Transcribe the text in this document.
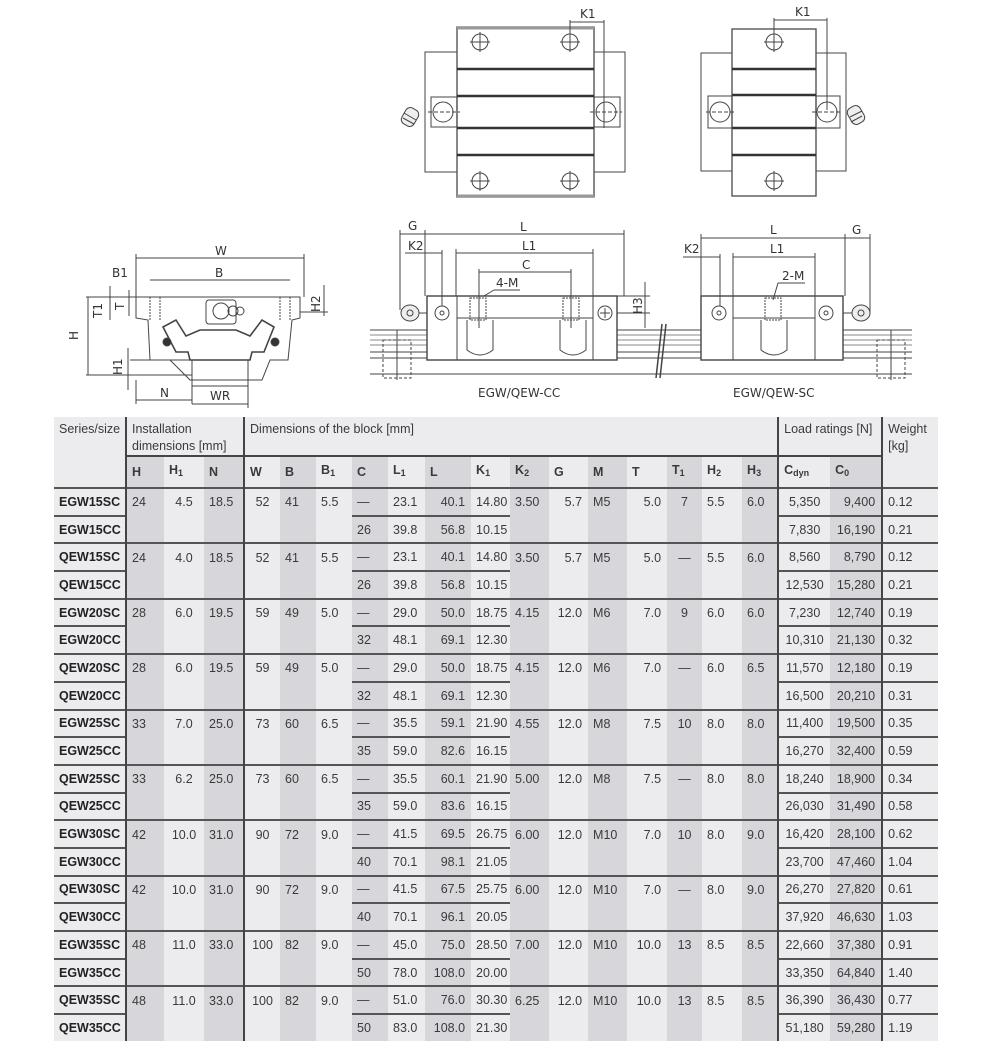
K1	K1
W
B
B1
H
T1 T
H1
H2
N	WR
L
G
L1
K2
C
4-M
H3
EGW/QEW-CC
L	G
L1
K2
2-M
EGW/QEW-SC
Series/size	Installation dimensions [mm]			Dimensions of the block [mm]														Load ratings [N]		Weight [kg]
	H	$H_1$	N	W	B	$B_1$	C	$L_1$	L	$K_1$	$K_2$	G	M	T	$T_1$	$H_2$	$H_3$	$C_{dyn}$	$C_0$
EGW15SC	24	4.5	18.5	52	41	5.5	—	23.1	40.1	14.80	3.50	5.7	M5	5.0	7	5.5	6.0	5,350	9,400	0.12
EGW15CC							26	39.8	56.8	10.15								7,830	16,190	0.21
QEW15SC	24	4.0	18.5	52	41	5.5	—	23.1	40.1	14.80	3.50	5.7	M5	5.0	—	5.5	6.0	8,560	8,790	0.12
QEW15CC							26	39.8	56.8	10.15								12,530	15,280	0.21
EGW20SC	28	6.0	19.5	59	49	5.0	—	29.0	50.0	18.75	4.15	12.0	M6	7.0	9	6.0	6.0	7,230	12,740	0.19
EGW20CC							32	48.1	69.1	12.30								10,310	21,130	0.32
QEW20SC	28	6.0	19.5	59	49	5.0	—	29.0	50.0	18.75	4.15	12.0	M6	7.0	—	6.0	6.5	11,570	12,180	0.19
QEW20CC							32	48.1	69.1	12.30								16,500	20,210	0.31
EGW25SC	33	7.0	25.0	73	60	6.5	—	35.5	59.1	21.90	4.55	12.0	M8	7.5	10	8.0	8.0	11,400	19,500	0.35
EGW25CC							35	59.0	82.6	16.15								16,270	32,400	0.59
QEW25SC	33	6.2	25.0	73	60	6.5	—	35.5	60.1	21.90	5.00	12.0	M8	7.5	—	8.0	8.0	18,240	18,900	0.34
QEW25CC							35	59.0	83.6	16.15								26,030	31,490	0.58
EGW30SC	42	10.0	31.0	90	72	9.0	—	41.5	69.5	26.75	6.00	12.0	M10	7.0	10	8.0	9.0	16,420	28,100	0.62
EGW30CC							40	70.1	98.1	21.05								23,700	47,460	1.04
QEW30SC	42	10.0	31.0	90	72	9.0	—	41.5	67.5	25.75	6.00	12.0	M10	7.0	—	8.0	9.0	26,270	27,820	0.61
QEW30CC							40	70.1	96.1	20.05								37,920	46,630	1.03
EGW35SC	48	11.0	33.0	100	82	9.0	—	45.0	75.0	28.50	7.00	12.0	M10	10.0	13	8.5	8.5	22,660	37,380	0.91
EGW35CC							50	78.0	108.0	20.00								33,350	64,840	1.40
QEW35SC	48	11.0	33.0	100	82	9.0	—	51.0	76.0	30.30	6.25	12.0	M10	10.0	13	8.5	8.5	36,390	36,430	0.77
QEW35CC							50	83.0	108.0	21.30								51,180	59,280	1.19
